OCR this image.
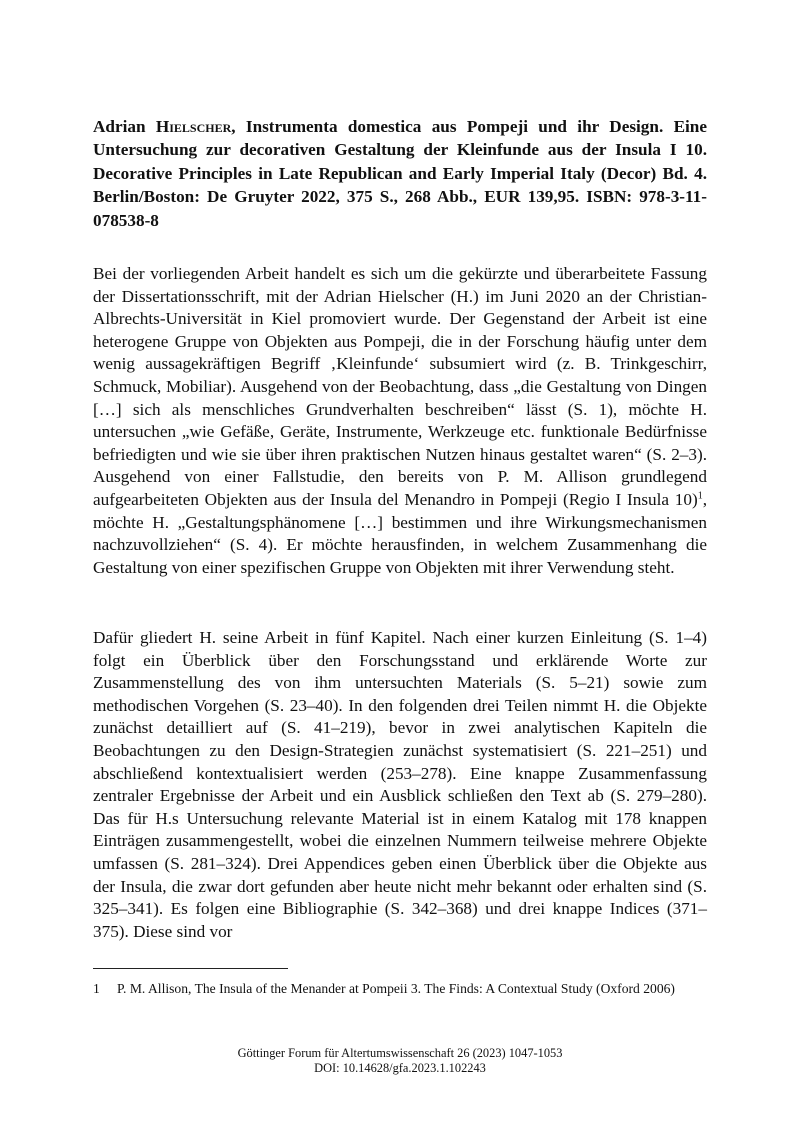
Adrian Hielscher, Instrumenta domestica aus Pompeji und ihr Design. Eine Untersuchung zur decorativen Gestaltung der Kleinfunde aus der Insula I 10. Decorative Principles in Late Republican and Early Imperial Italy (Decor) Bd. 4. Berlin/Boston: De Gruyter 2022, 375 S., 268 Abb., EUR 139,95. ISBN: 978-3-11-078538-8

Bei der vorliegenden Arbeit handelt es sich um die gekürzte und überarbeitete Fassung der Dissertationsschrift, mit der Adrian Hielscher (H.) im Juni 2020 an der Christian-Albrechts-Universität in Kiel promoviert wurde. Der Gegenstand der Arbeit ist eine heterogene Gruppe von Objekten aus Pompeji, die in der Forschung häufig unter dem wenig aussagekräftigen Begriff ‚Kleinfunde‘ subsumiert wird (z. B. Trinkgeschirr, Schmuck, Mobiliar). Ausgehend von der Beobachtung, dass „die Gestaltung von Dingen […] sich als menschliches Grundverhalten beschreiben“ lässt (S. 1), möchte H. untersuchen „wie Gefäße, Geräte, Instrumente, Werkzeuge etc. funktionale Bedürfnisse befriedigten und wie sie über ihren praktischen Nutzen hinaus gestaltet waren“ (S. 2–3). Ausgehend von einer Fallstudie, den bereits von P. M. Allison grundlegend aufgearbeiteten Objekten aus der Insula del Menandro in Pompeji (Regio I Insula 10)$^1$, möchte H. „Gestaltungsphänomene […] bestimmen und ihre Wirkungsmechanismen nachzuvollziehen“ (S. 4). Er möchte herausfinden, in welchem Zusammenhang die Gestaltung von einer spezifischen Gruppe von Objekten mit ihrer Verwendung steht.

Dafür gliedert H. seine Arbeit in fünf Kapitel. Nach einer kurzen Einleitung (S. 1–4) folgt ein Überblick über den Forschungsstand und erklärende Worte zur Zusammenstellung des von ihm untersuchten Materials (S. 5–21) sowie zum methodischen Vorgehen (S. 23–40). In den folgenden drei Teilen nimmt H. die Objekte zunächst detailliert auf (S. 41–219), bevor in zwei analytischen Kapiteln die Beobachtungen zu den Design-Strategien zunächst systematisiert (S. 221–251) und abschließend kontextualisiert werden (253–278). Eine knappe Zusammenfassung zentraler Ergebnisse der Arbeit und ein Ausblick schließen den Text ab (S. 279–280). Das für H.s Untersuchung relevante Material ist in einem Katalog mit 178 knappen Einträgen zusammengestellt, wobei die einzelnen Nummern teilweise mehrere Objekte umfassen (S. 281–324). Drei Appendices geben einen Überblick über die Objekte aus der Insula, die zwar dort gefunden aber heute nicht mehr bekannt oder erhalten sind (S. 325–341). Es folgen eine Bibliographie (S. 342–368) und drei knappe Indices (371–375). Diese sind vor

1	P. M. Allison, The Insula of the Menander at Pompeii 3. The Finds: A Contextual Study (Oxford 2006)
Göttinger Forum für Altertumswissenschaft 26 (2023) 1047-1053
DOI: 10.14628/gfa.2023.1.102243
